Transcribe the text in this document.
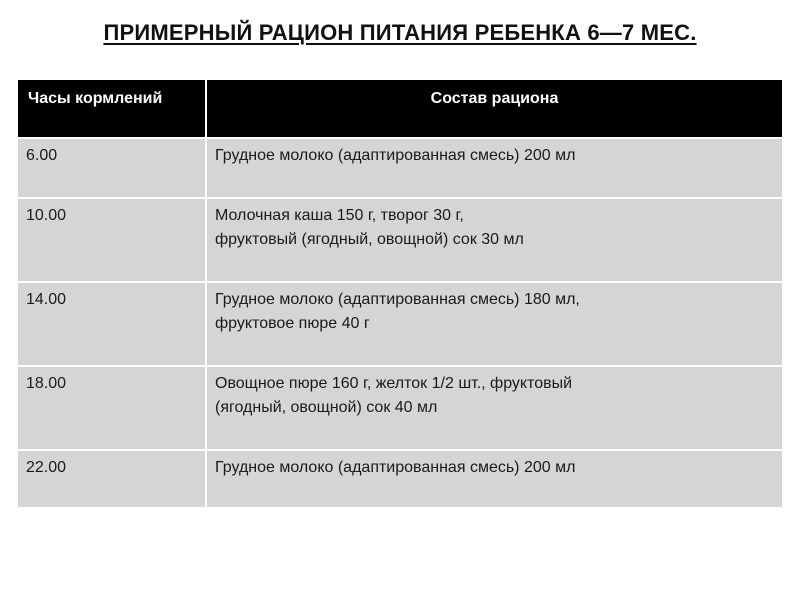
ПРИМЕРНЫЙ РАЦИОН ПИТАНИЯ РЕБЕНКА 6—7 МЕС.
Часы кормлений	Состав рациона
6.00	Грудное молоко (адаптированная смесь) 200 мл
10.00	Молочная каша 150 г, творог 30 г,
фруктовый (ягодный, овощной) сок 30 мл
14.00	Грудное молоко (адаптированная смесь) 180 мл,
фруктовое пюре 40 г
18.00	Овощное пюре 160 г, желток 1/2 шт., фруктовый
(ягодный, овощной) сок 40 мл
22.00	Грудное молоко (адаптированная смесь) 200 мл
